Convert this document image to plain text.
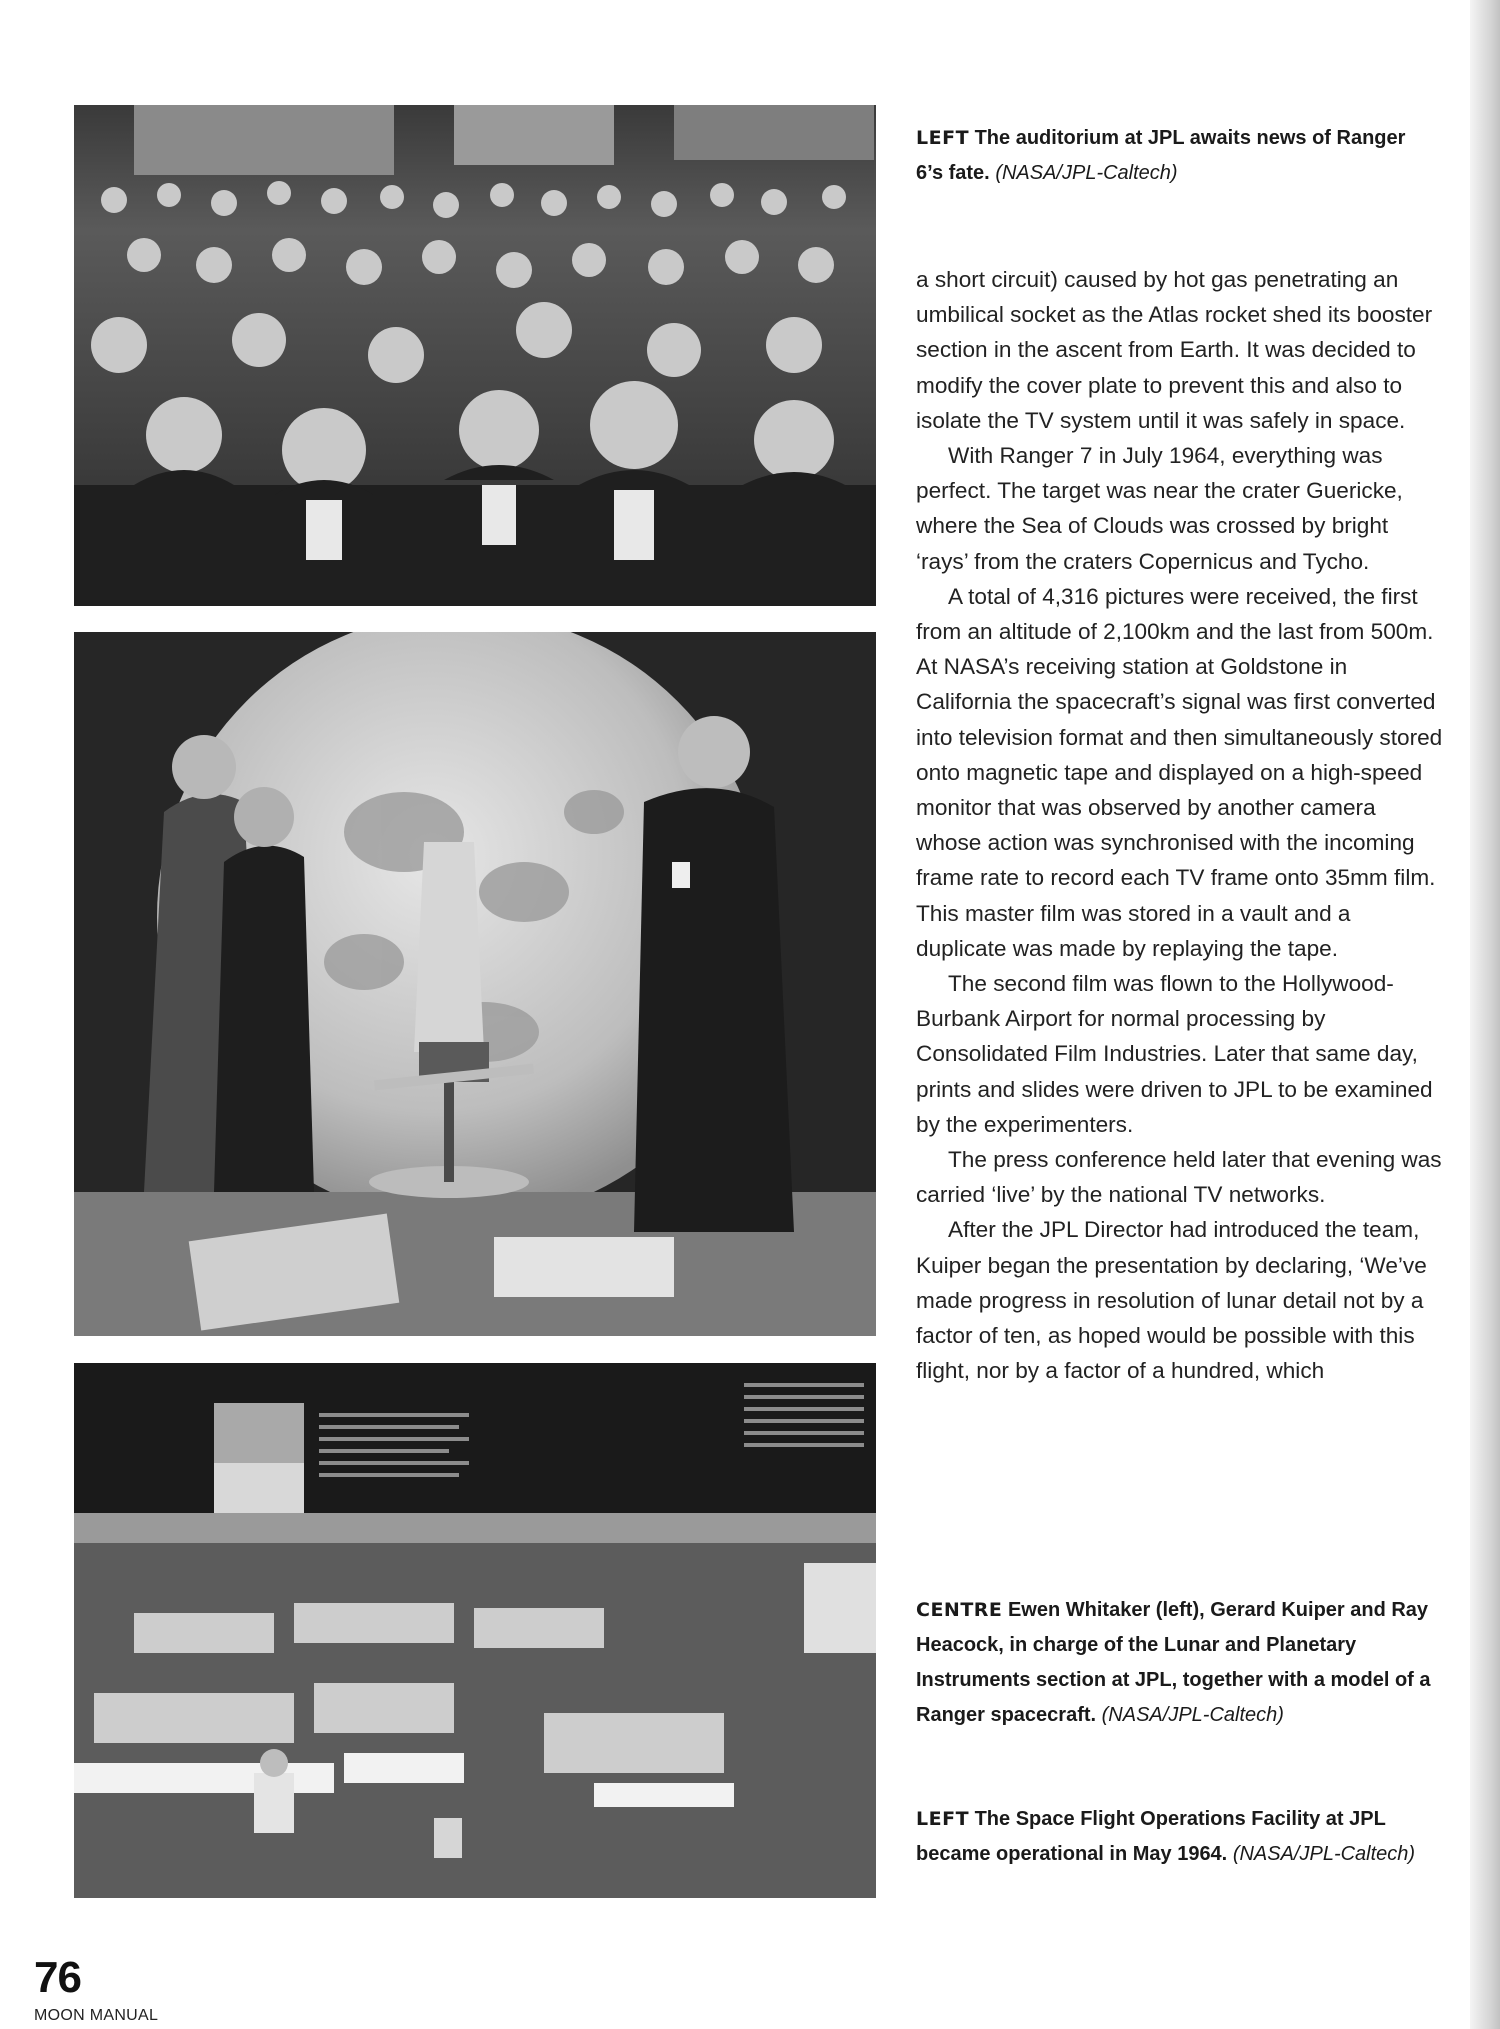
LEFT The auditorium at JPL awaits news of Ranger 6’s fate. (NASA/JPL-Caltech)

a short circuit) caused by hot gas penetrating an umbilical socket as the Atlas rocket shed its booster section in the ascent from Earth. It was decided to modify the cover plate to prevent this and also to isolate the TV system until it was safely in space.

With Ranger 7 in July 1964, everything was perfect. The target was near the crater Guericke, where the Sea of Clouds was crossed by bright ‘rays’ from the craters Copernicus and Tycho.

A total of 4,316 pictures were received, the first from an altitude of 2,100km and the last from 500m. At NASA’s receiving station at Goldstone in California the spacecraft’s signal was first converted into television format and then simultaneously stored onto magnetic tape and displayed on a high-speed monitor that was observed by another camera whose action was synchronised with the incoming frame rate to record each TV frame onto 35mm film. This master film was stored in a vault and a duplicate was made by replaying the tape.

The second film was flown to the Hollywood-Burbank Airport for normal processing by Consolidated Film Industries. Later that same day, prints and slides were driven to JPL to be examined by the experimenters.

The press conference held later that evening was carried ‘live’ by the national TV networks.

After the JPL Director had introduced the team, Kuiper began the presentation by declaring, ‘We’ve made progress in resolution of lunar detail not by a factor of ten, as hoped would be possible with this flight, nor by a factor of a hundred, which

CENTRE Ewen Whitaker (left), Gerard Kuiper and Ray Heacock, in charge of the Lunar and Planetary Instruments section at JPL, together with a model of a Ranger spacecraft. (NASA/JPL-Caltech)
LEFT The Space Flight Operations Facility at JPL became operational in May 1964. (NASA/JPL-Caltech)
76
MOON MANUAL
